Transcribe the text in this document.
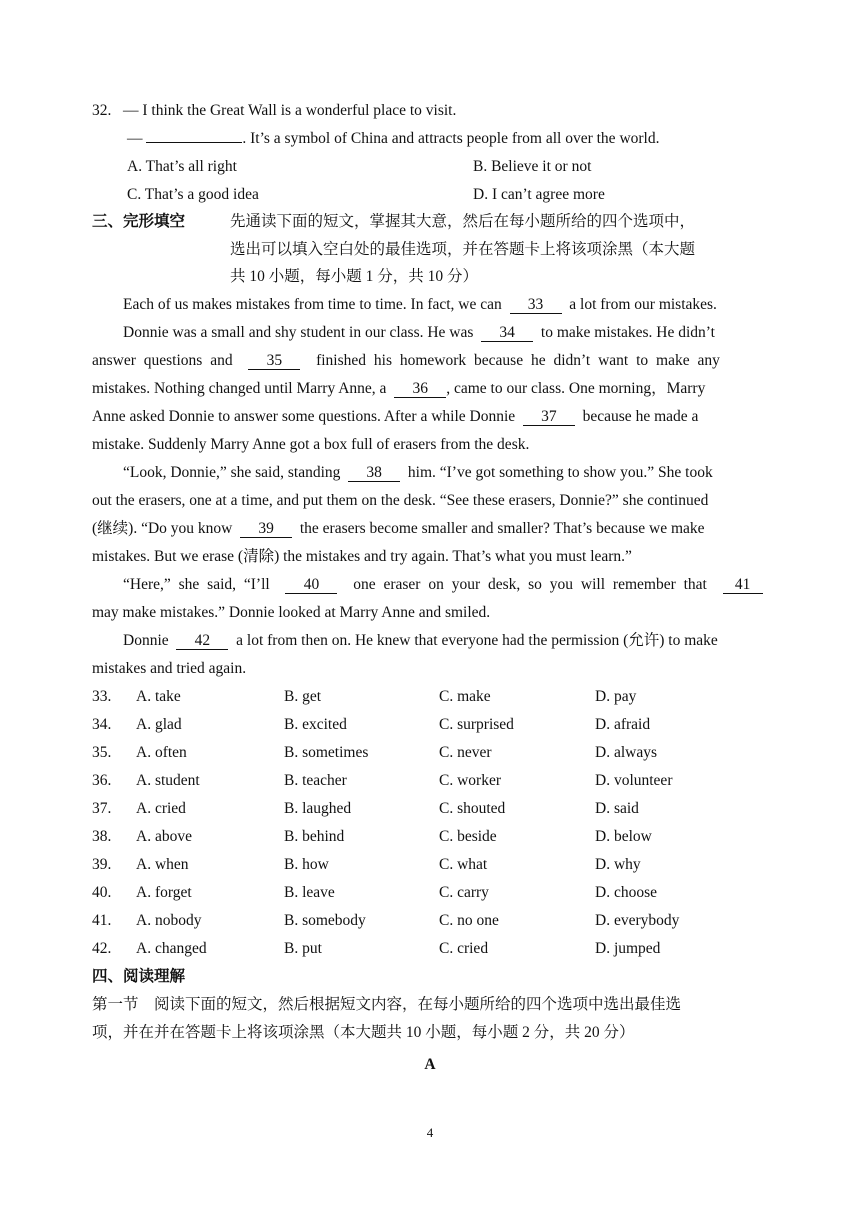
32. — I think the Great Wall is a wonderful place to visit.
—	. It’s a symbol of China and attracts people from all over the world.
A. That’s all right	B. Believe it or not
C. That’s a good idea	D. I can’t agree more
三、完形填空	先通读下面的短文，掌握其大意，然后在每小题所给的四个选项中，
选出可以填入空白处的最佳选项，并在答题卡上将该项涂黑（本大题
共 10 小题，每小题 1 分，共 10 分）
Each of us makes mistakes from time to time. In fact, we can 33 a lot from our mistakes.
Donnie was a small and shy student in our class. He was 34 to make mistakes. He didn’t
answer questions and 35 finished his homework because he didn’t want to make any
mistakes. Nothing changed until Marry Anne, a 36 , came to our class. One morning，Marry
Anne asked Donnie to answer some questions. After a while Donnie 37 because he made a
mistake. Suddenly Marry Anne got a box full of erasers from the desk.
“Look, Donnie,” she said, standing 38 him. “I’ve got something to show you.” She took
out the erasers, one at a time, and put them on the desk. “See these erasers, Donnie?” she continued
(继续). “Do you know 39 the erasers become smaller and smaller? That’s because we make
mistakes. But we erase (清除) the mistakes and try again. That’s what you must learn.”
“Here,” she said, “I’ll 40 one eraser on your desk, so you will remember that 41
may make mistakes.” Donnie looked at Marry Anne and smiled.
Donnie 42 a lot from then on. He knew that everyone had the permission (允许) to make
mistakes and tried again.
33. A. take	B. get	C. make	D. pay
34. A. glad	B. excited	C. surprised	D. afraid
35. A. often	B. sometimes	C. never	D. always
36. A. student	B. teacher	C. worker	D. volunteer
37. A. cried	B. laughed	C. shouted	D. said
38. A. above	B. behind	C. beside	D. below
39. A. when	B. how	C. what	D. why
40. A. forget	B. leave	C. carry	D. choose
41. A. nobody	B. somebody	C. no one	D. everybody
42. A. changed	B. put	C. cried	D. jumped
四、阅读理解
第一节　阅读下面的短文，然后根据短文内容，在每小题所给的四个选项中选出最佳选
项，并在并在答题卡上将该项涂黑（本大题共 10 小题，每小题 2 分，共 20 分）
A
4
